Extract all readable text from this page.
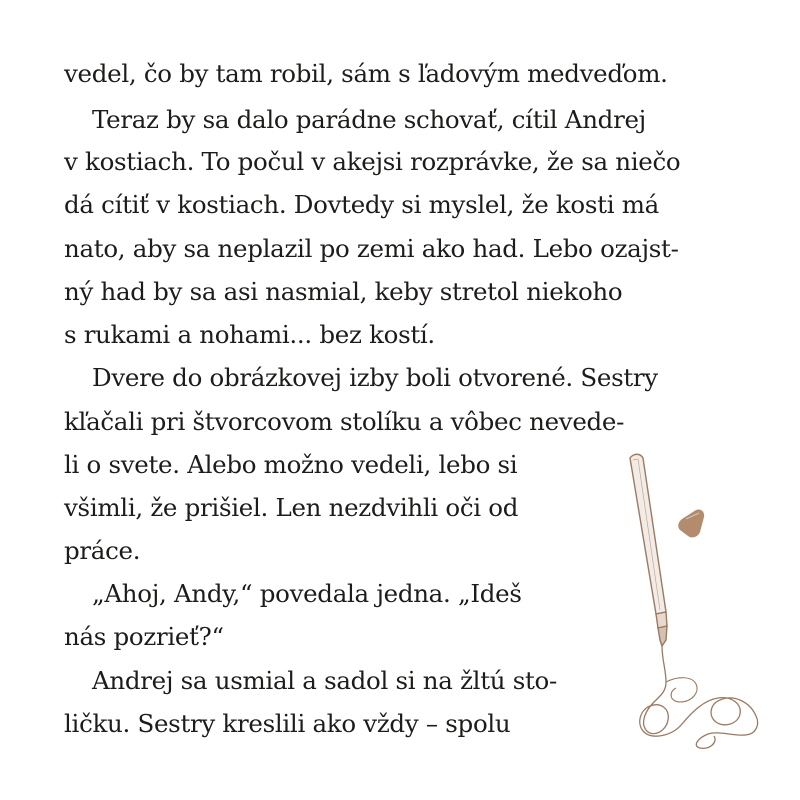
vedel, čo by tam robil, sám s ľadovým medveďom.
Teraz by sa dalo parádne schovať, cítil Andrej
v kostiach. To počul v akejsi rozprávke, že sa niečo
dá cítiť v kostiach. Dovtedy si myslel, že kosti má
nato, aby sa neplazil po zemi ako had. Lebo ozajst-
ný had by sa asi nasmial, keby stretol niekoho
s rukami a nohami... bez kostí.
Dvere do obrázkovej izby boli otvorené. Sestry
kľačali pri štvorcovom stolíku a vôbec nevede-
li o svete. Alebo možno vedeli, lebo si
všimli, že prišiel. Len nezdvihli oči od
práce.
„Ahoj, Andy,“ povedala jedna. „Ideš
nás pozrieť?“
Andrej sa usmial a sadol si na žltú sto-
ličku. Sestry kreslili ako vždy – spolu
